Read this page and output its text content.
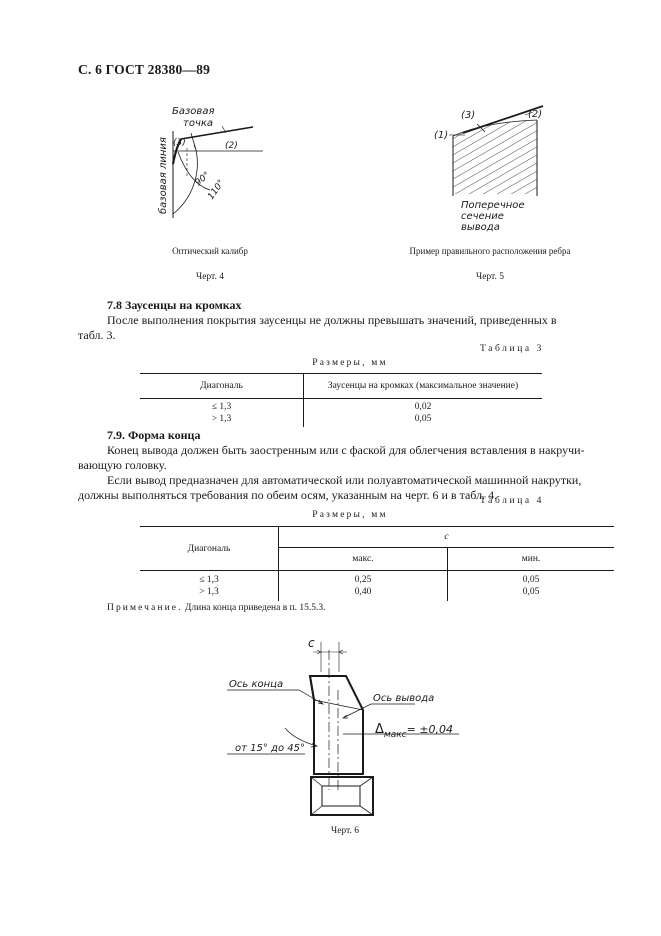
С. 6 ГОСТ 28380—89
Базовая
точка
базовая линия (3)	(2)
90°
110°
Оптический калибр
Черт. 4
(3)	(2)
(1)
Поперечное
сечение
вывода
Пример правильного расположения ребра
Черт. 5
7.8 Заусенцы на кромках
После выполнения покрытия заусенцы не должны превышать значений, приведенных в
табл. 3.
Таблица 3
Размеры, мм
Диагональ	Заусенцы на кромках (максимальное значение)
≤ 1,3	0,02
> 1,3	0,05
7.9. Форма конца
Конец вывода должен быть заостренным или с фаской для облегчения вставления в накручи-
вающую головку.
Если вывод предназначен для автоматической или полуавтоматической машинной накрутки,
должны выполняться требования по обеим осям, указанным на черт. 6 и в табл. 4.
Таблица 4
Размеры, мм
Диагональ	c	
	макс.	мин.
≤ 1,3	0,25	0,05
> 1,3	0,40	0,05
Примечание. Длина конца приведена в п. 15.5.3.
c
Ось конца
Ось вывода
$\Delta_{макс}= \pm 0,04$
от 15° до 45°
Черт. 6
